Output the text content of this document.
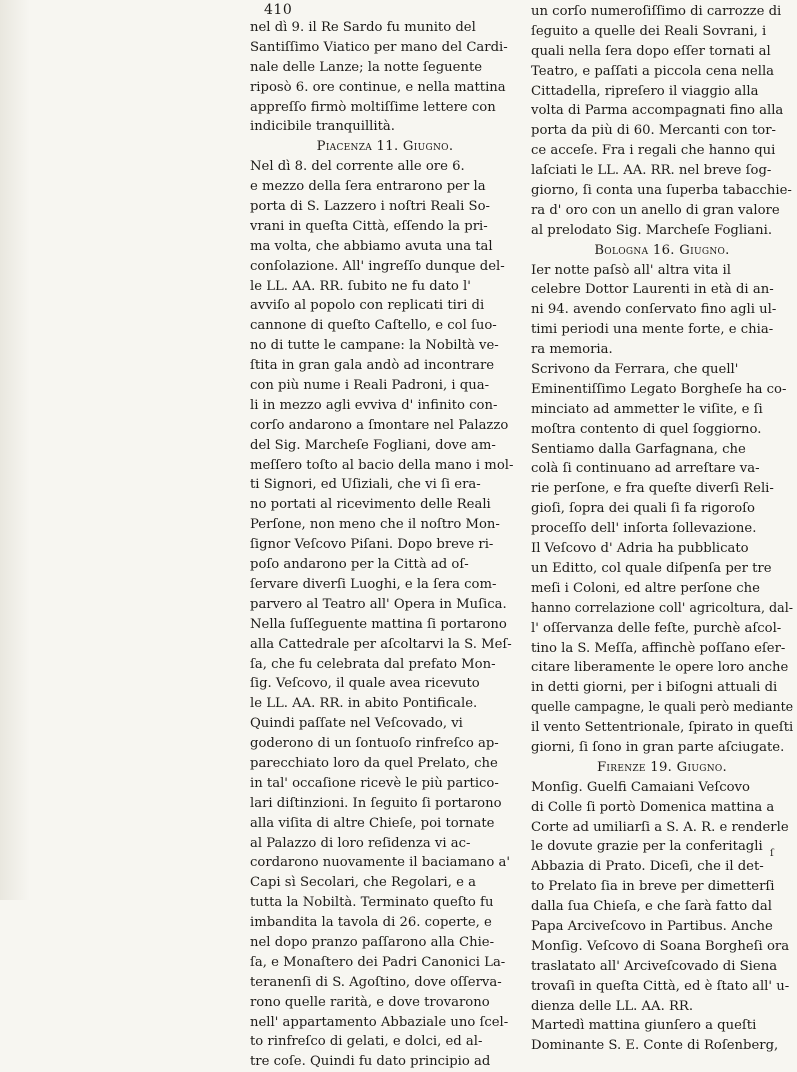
410
nel dì 9. il Re Sardo fu munito del
Santiſſimo Viatico per mano del Cardi-
nale delle Lanze; la notte ſeguente
riposò 6. ore continue, e nella mattina
appreſſo firmò moltiſſime lettere con
indicibile tranquillità.
Piacenza 11. Giugno.
Nel dì 8. del corrente alle ore 6.
e mezzo della ſera entrarono per la
porta di S. Lazzero i noſtri Reali So-
vrani in queſta Città, eſſendo la pri-
ma volta, che abbiamo avuta una tal
conſolazione. All' ingreſſo dunque del-
le LL. AA. RR. ſubito ne fu dato l'
avviſo al popolo con replicati tiri di
cannone di queſto Caſtello, e col ſuo-
no di tutte le campane: la Nobiltà ve-
ſtita in gran gala andò ad incontrare
con più nume i Reali Padroni, i qua-
li in mezzo agli evviva d' infinito con-
corſo andarono a ſmontare nel Palazzo
del Sig. Marcheſe Fogliani, dove am-
meſſero toſto al bacio della mano i mol-
ti Signori, ed Uſiziali, che vi ſi era-
no portati al ricevimento delle Reali
Perſone, non meno che il noſtro Mon-
ſignor Veſcovo Piſani. Dopo breve ri-
poſo andarono per la Città ad oſ-
ſervare diverſi Luoghi, e la ſera com-
parvero al Teatro all' Opera in Muſica.
Nella ſuſſeguente mattina ſi portarono
alla Cattedrale per aſcoltarvi la S. Meſ-
ſa, che fu celebrata dal prefato Mon-
ſig. Veſcovo, il quale avea ricevuto
le LL. AA. RR. in abito Pontificale.
Quindi paſſate nel Veſcovado, vi
goderono di un ſontuoſo rinfreſco ap-
parecchiato loro da quel Prelato, che
in tal' occaſione ricevè le più partico-
lari diſtinzioni. In ſeguito ſi portarono
alla viſita di altre Chieſe, poi tornate
al Palazzo di loro reſidenza vi ac-
cordarono nuovamente il baciamano a'
Capi sì Secolari, che Regolari, e a
tutta la Nobiltà. Terminato queſto fu
imbandita la tavola di 26. coperte, e
nel dopo pranzo paſſarono alla Chie-
ſa, e Monaſtero dei Padri Canonici La-
teranenſi di S. Agoſtino, dove oſſerva-
rono quelle rarità, e dove trovarono
nell' appartamento Abbaziale uno ſcel-
to rinfreſco di gelati, e dolci, ed al-
tre coſe. Quindi fu dato principio ad
un corſo numeroſiſſimo di carrozze di
ſeguito a quelle dei Reali Sovrani, i
quali nella ſera dopo eſſer tornati al
Teatro, e paſſati a piccola cena nella
Cittadella, ripreſero il viaggio alla
volta di Parma accompagnati fino alla
porta da più di 60. Mercanti con tor-
ce acceſe. Fra i regali che hanno qui
laſciati le LL. AA. RR. nel breve ſog-
giorno, ſi conta una ſuperba tabacchie-
ra d' oro con un anello di gran valore
al prelodato Sig. Marcheſe Fogliani.
Bologna 16. Giugno.
Ier notte paſsò all' altra vita il
celebre Dottor Laurenti in età di an-
ni 94. avendo conſervato fino agli ul-
timi periodi una mente forte, e chia-
ra memoria.
Scrivono da Ferrara, che quell'
Eminentiſſimo Legato Borgheſe ha co-
minciato ad ammetter le viſite, e ſi
moſtra contento di quel ſoggiorno.
Sentiamo dalla Garfagnana, che
colà ſi continuano ad arreſtare va-
rie perſone, e fra queſte diverſi Reli-
gioſi, ſopra dei quali ſi fa rigoroſo
proceſſo dell' inſorta ſollevazione.
Il Veſcovo d' Adria ha pubblicato
un Editto, col quale diſpenſa per tre
meſi i Coloni, ed altre perſone che
hanno correlazione coll' agricoltura, dal-
l' oſſervanza delle feſte, purchè aſcol-
tino la S. Meſſa, affinchè poſſano eſer-
citare liberamente le opere loro anche
in detti giorni, per i biſogni attuali di
quelle campagne, le quali però mediante
il vento Settentrionale, ſpirato in queſti
giorni, ſi ſono in gran parte aſciugate.
Firenze 19. Giugno.
Monſig. Guelfi Camaiani Veſcovo
di Colle ſi portò Domenica mattina a
Corte ad umiliarſi a S. A. R. e renderle
le dovute grazie per la conferitagli
Abbazia di Prato. Diceſi, che il det-
to Prelato ſia in breve per dimetterſi
dalla ſua Chieſa, e che ſarà fatto dal
Papa Arciveſcovo in Partibus. Anche
Monſig. Veſcovo di Soana Borgheſi ora
traslatato all' Arciveſcovado di Siena
trovaſi in queſta Città, ed è ſtato all' u-
dienza delle LL. AA. RR.
Martedì mattina giunſero a queſti
Dominante S. E. Conte di Roſenberg,
ſ
